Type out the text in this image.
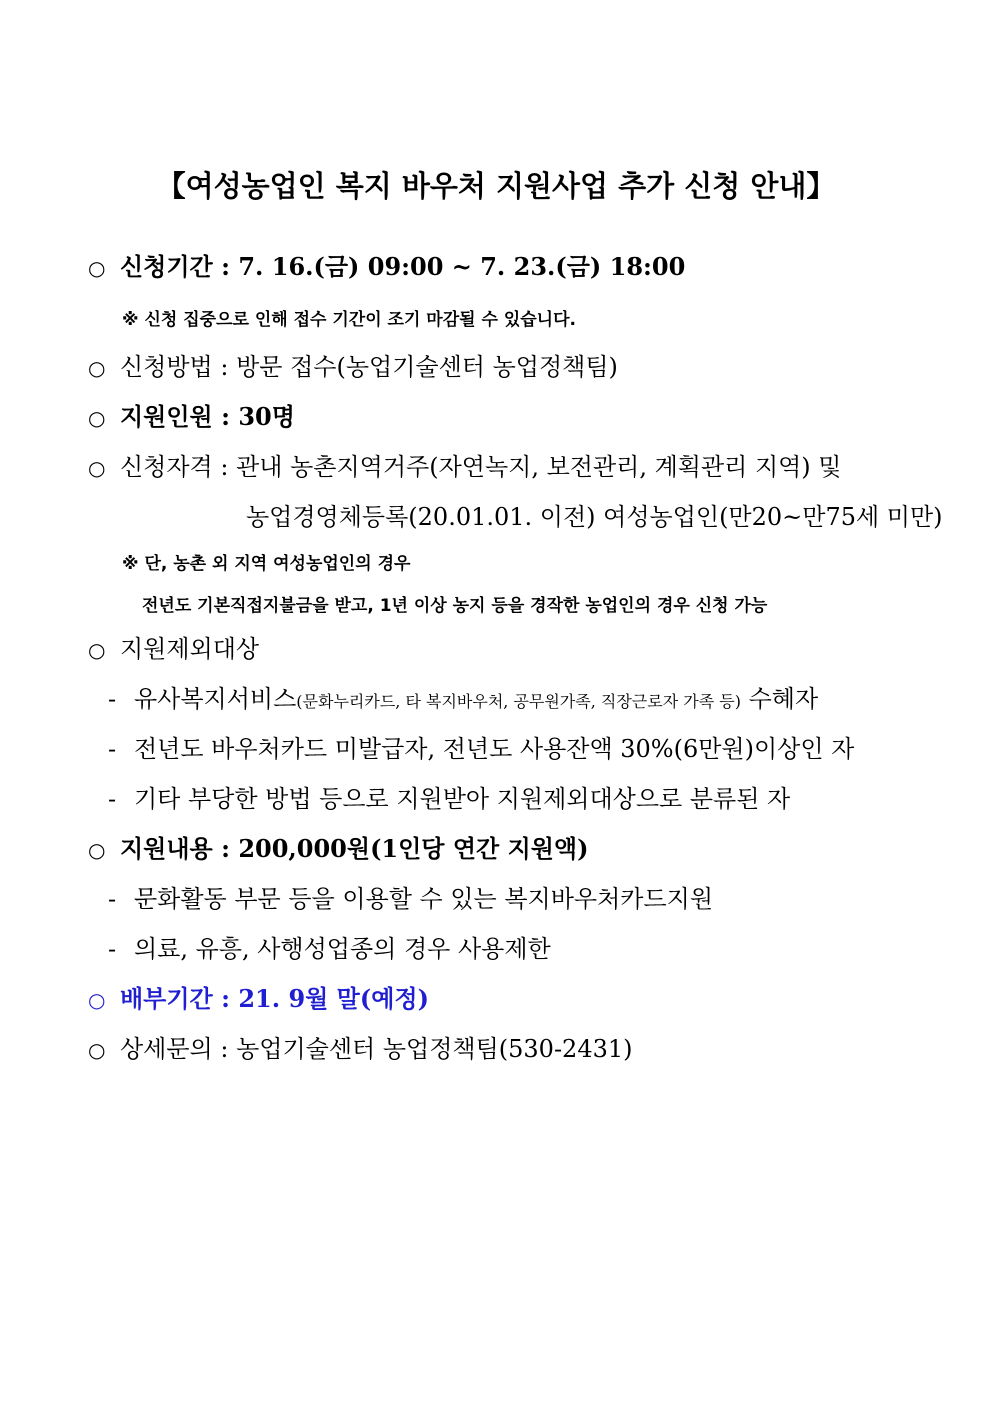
【여성농업인 복지 바우처 지원사업 추가 신청 안내】
○ 신청기간 : 7. 16.(금) 09:00 ~ 7. 23.(금) 18:00
※ 신청 집중으로 인해 접수 기간이 조기 마감될 수 있습니다.
○ 신청방법 : 방문 접수(농업기술센터 농업정책팀)
○ 지원인원 : 30명
○ 신청자격 : 관내 농촌지역거주(자연녹지, 보전관리, 계획관리 지역) 및
농업경영체등록(20.01.01. 이전) 여성농업인(만20~만75세 미만)
※ 단, 농촌 외 지역 여성농업인의 경우
전년도 기본직접지불금을 받고, 1년 이상 농지 등을 경작한 농업인의 경우 신청 가능
○ 지원제외대상
- 유사복지서비스(문화누리카드, 타 복지바우처, 공무원가족, 직장근로자 가족 등) 수혜자
- 전년도 바우처카드 미발급자, 전년도 사용잔액 30%(6만원)이상인 자
- 기타 부당한 방법 등으로 지원받아 지원제외대상으로 분류된 자
○ 지원내용 : 200,000원(1인당 연간 지원액)
- 문화활동 부문 등을 이용할 수 있는 복지바우처카드지원
- 의료, 유흥, 사행성업종의 경우 사용제한
○ 배부기간 : 21. 9월 말(예정)
○ 상세문의 : 농업기술센터 농업정책팀(530-2431)
